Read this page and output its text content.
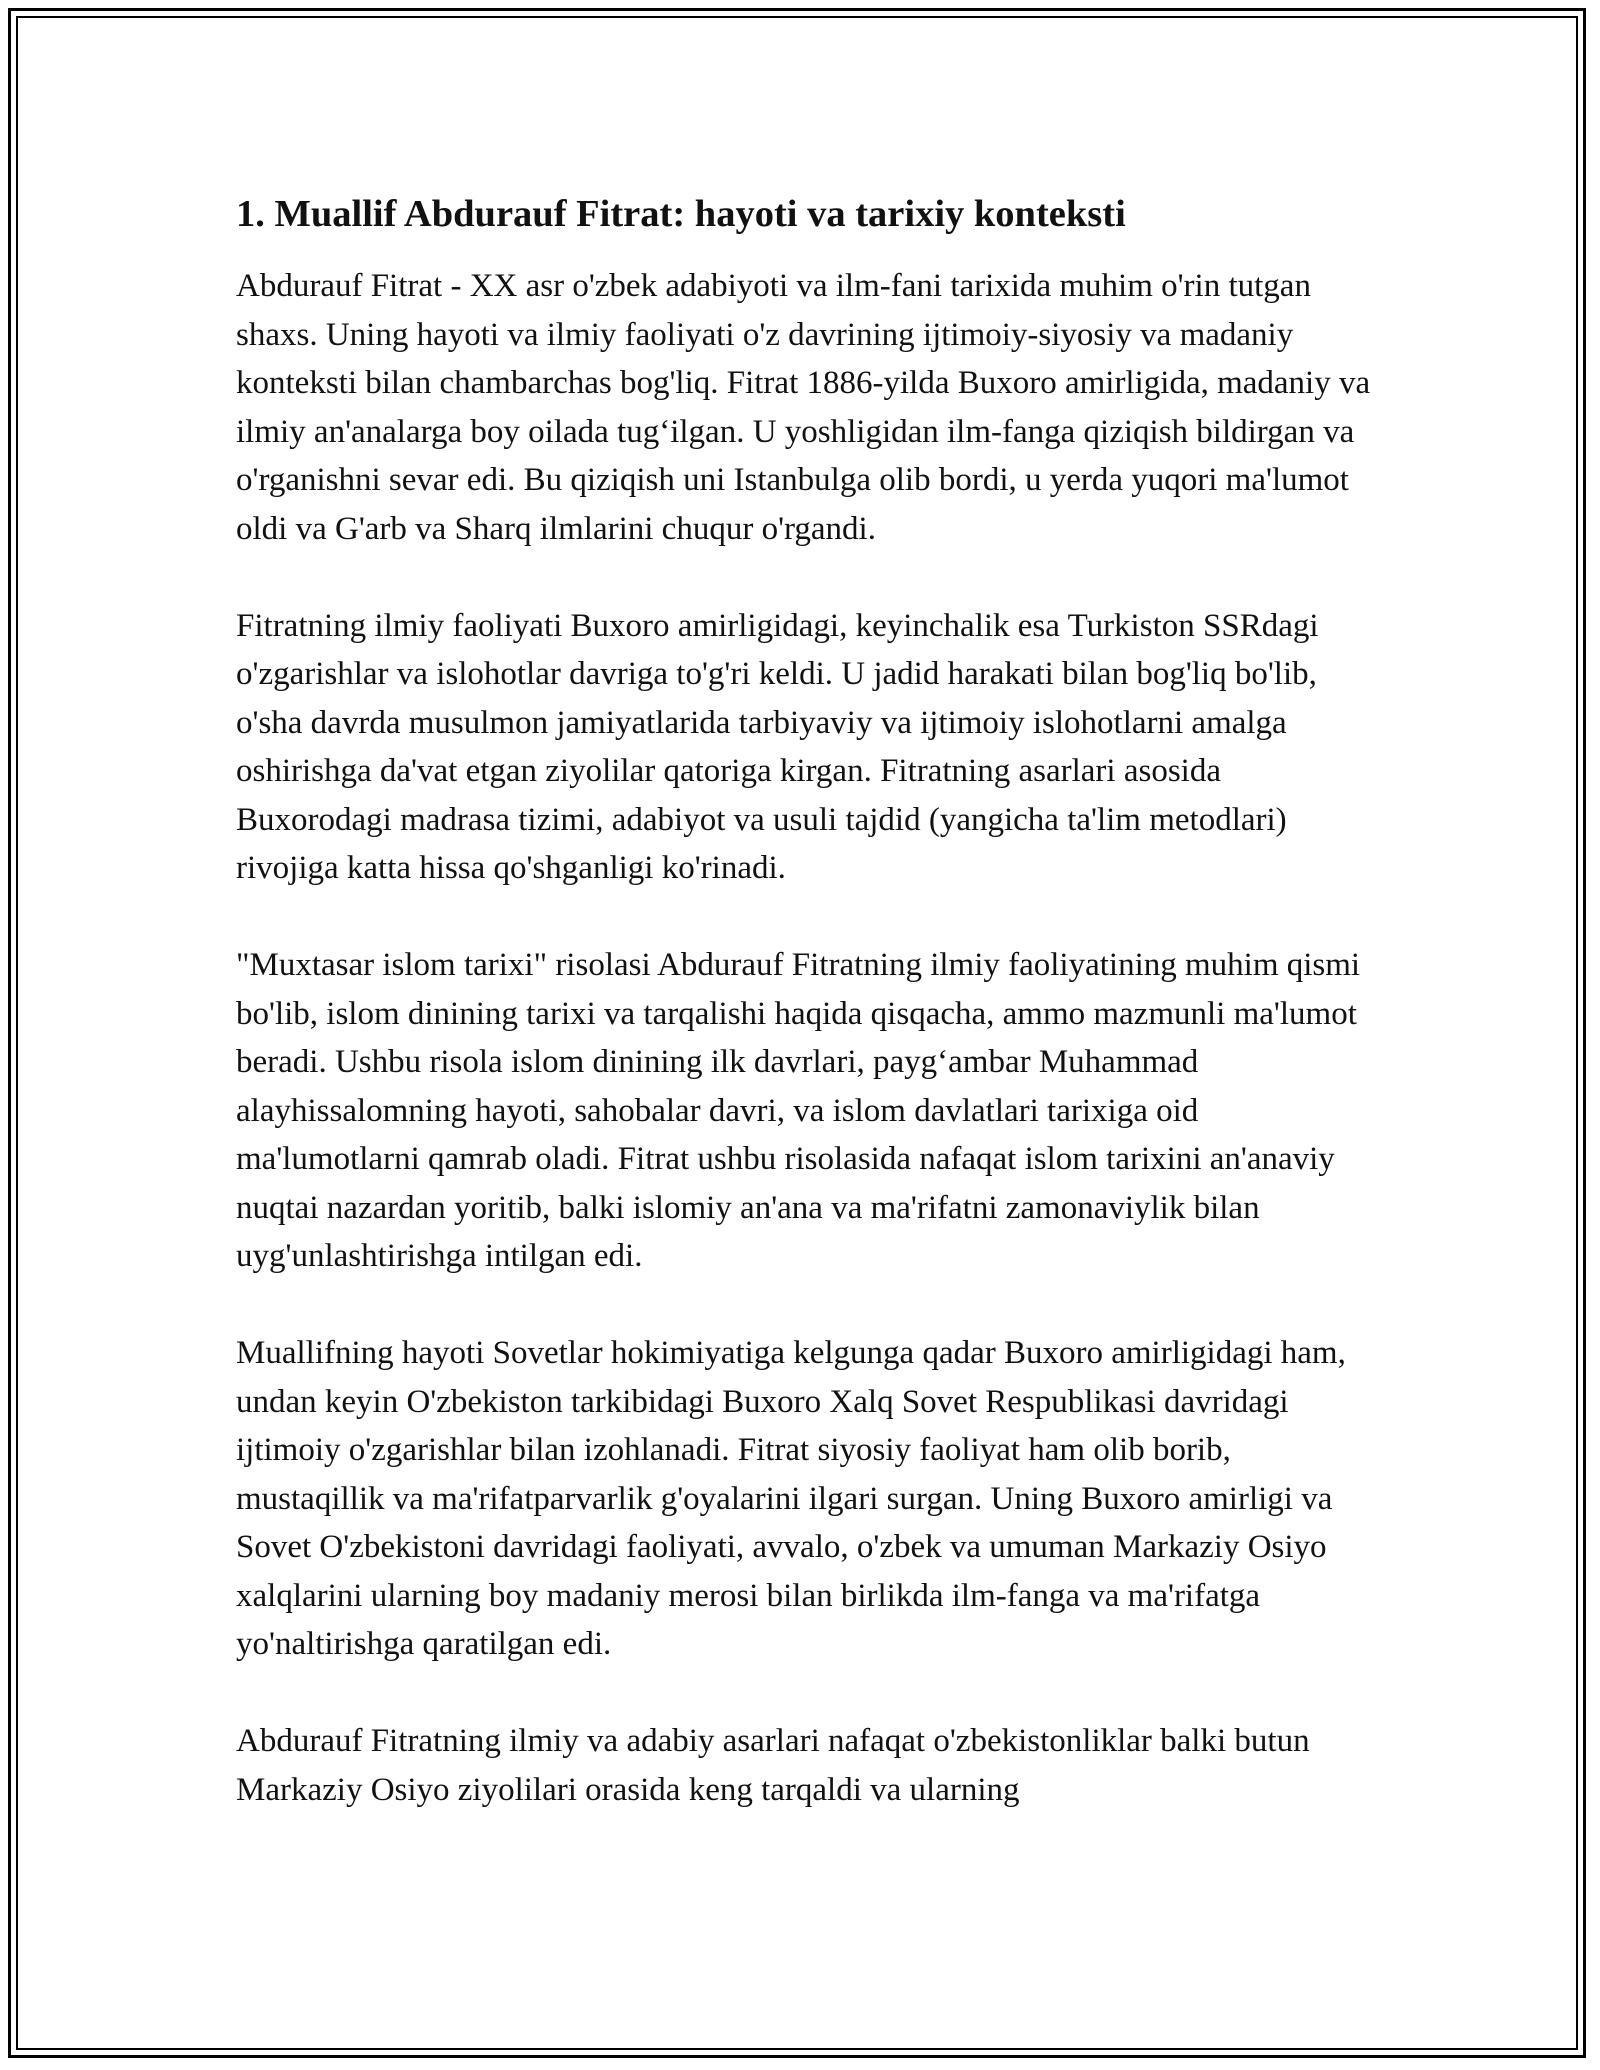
1. Muallif Abdurauf Fitrat: hayoti va tarixiy konteksti

Abdurauf Fitrat - XX asr o'zbek adabiyoti va ilm-fani tarixida muhim o'rin tutgan shaxs. Uning hayoti va ilmiy faoliyati o'z davrining ijtimoiy-siyosiy va madaniy konteksti bilan chambarchas bog'liq. Fitrat 1886-yilda Buxoro amirligida, madaniy va ilmiy an'analarga boy oilada tug‘ilgan. U yoshligidan ilm-fanga qiziqish bildirgan va o'rganishni sevar edi. Bu qiziqish uni Istanbulga olib bordi, u yerda yuqori ma'lumot oldi va G'arb va Sharq ilmlarini chuqur o'rgandi.

Fitratning ilmiy faoliyati Buxoro amirligidagi, keyinchalik esa Turkiston SSRdagi o'zgarishlar va islohotlar davriga to'g'ri keldi. U jadid harakati bilan bog'liq bo'lib, o'sha davrda musulmon jamiyatlarida tarbiyaviy va ijtimoiy islohotlarni amalga oshirishga da'vat etgan ziyolilar qatoriga kirgan. Fitratning asarlari asosida Buxorodagi madrasa tizimi, adabiyot va usuli tajdid (yangicha ta'lim metodlari) rivojiga katta hissa qo'shganligi ko'rinadi.

"Muxtasar islom tarixi" risolasi Abdurauf Fitratning ilmiy faoliyatining muhim qismi bo'lib, islom dinining tarixi va tarqalishi haqida qisqacha, ammo mazmunli ma'lumot beradi. Ushbu risola islom dinining ilk davrlari, payg‘ambar Muhammad alayhissalomning hayoti, sahobalar davri, va islom davlatlari tarixiga oid ma'lumotlarni qamrab oladi. Fitrat ushbu risolasida nafaqat islom tarixini an'anaviy nuqtai nazardan yoritib, balki islomiy an'ana va ma'rifatni zamonaviylik bilan uyg'unlashtirishga intilgan edi.

Muallifning hayoti Sovetlar hokimiyatiga kelgunga qadar Buxoro amirligidagi ham, undan keyin O'zbekiston tarkibidagi Buxoro Xalq Sovet Respublikasi davridagi ijtimoiy o'zgarishlar bilan izohlanadi. Fitrat siyosiy faoliyat ham olib borib, mustaqillik va ma'rifatparvarlik g'oyalarini ilgari surgan. Uning Buxoro amirligi va Sovet O'zbekistoni davridagi faoliyati, avvalo, o'zbek va umuman Markaziy Osiyo xalqlarini ularning boy madaniy merosi bilan birlikda ilm-fanga va ma'rifatga yo'naltirishga qaratilgan edi.

Abdurauf Fitratning ilmiy va adabiy asarlari nafaqat o'zbekistonliklar balki butun Markaziy Osiyo ziyolilari orasida keng tarqaldi va ularning
